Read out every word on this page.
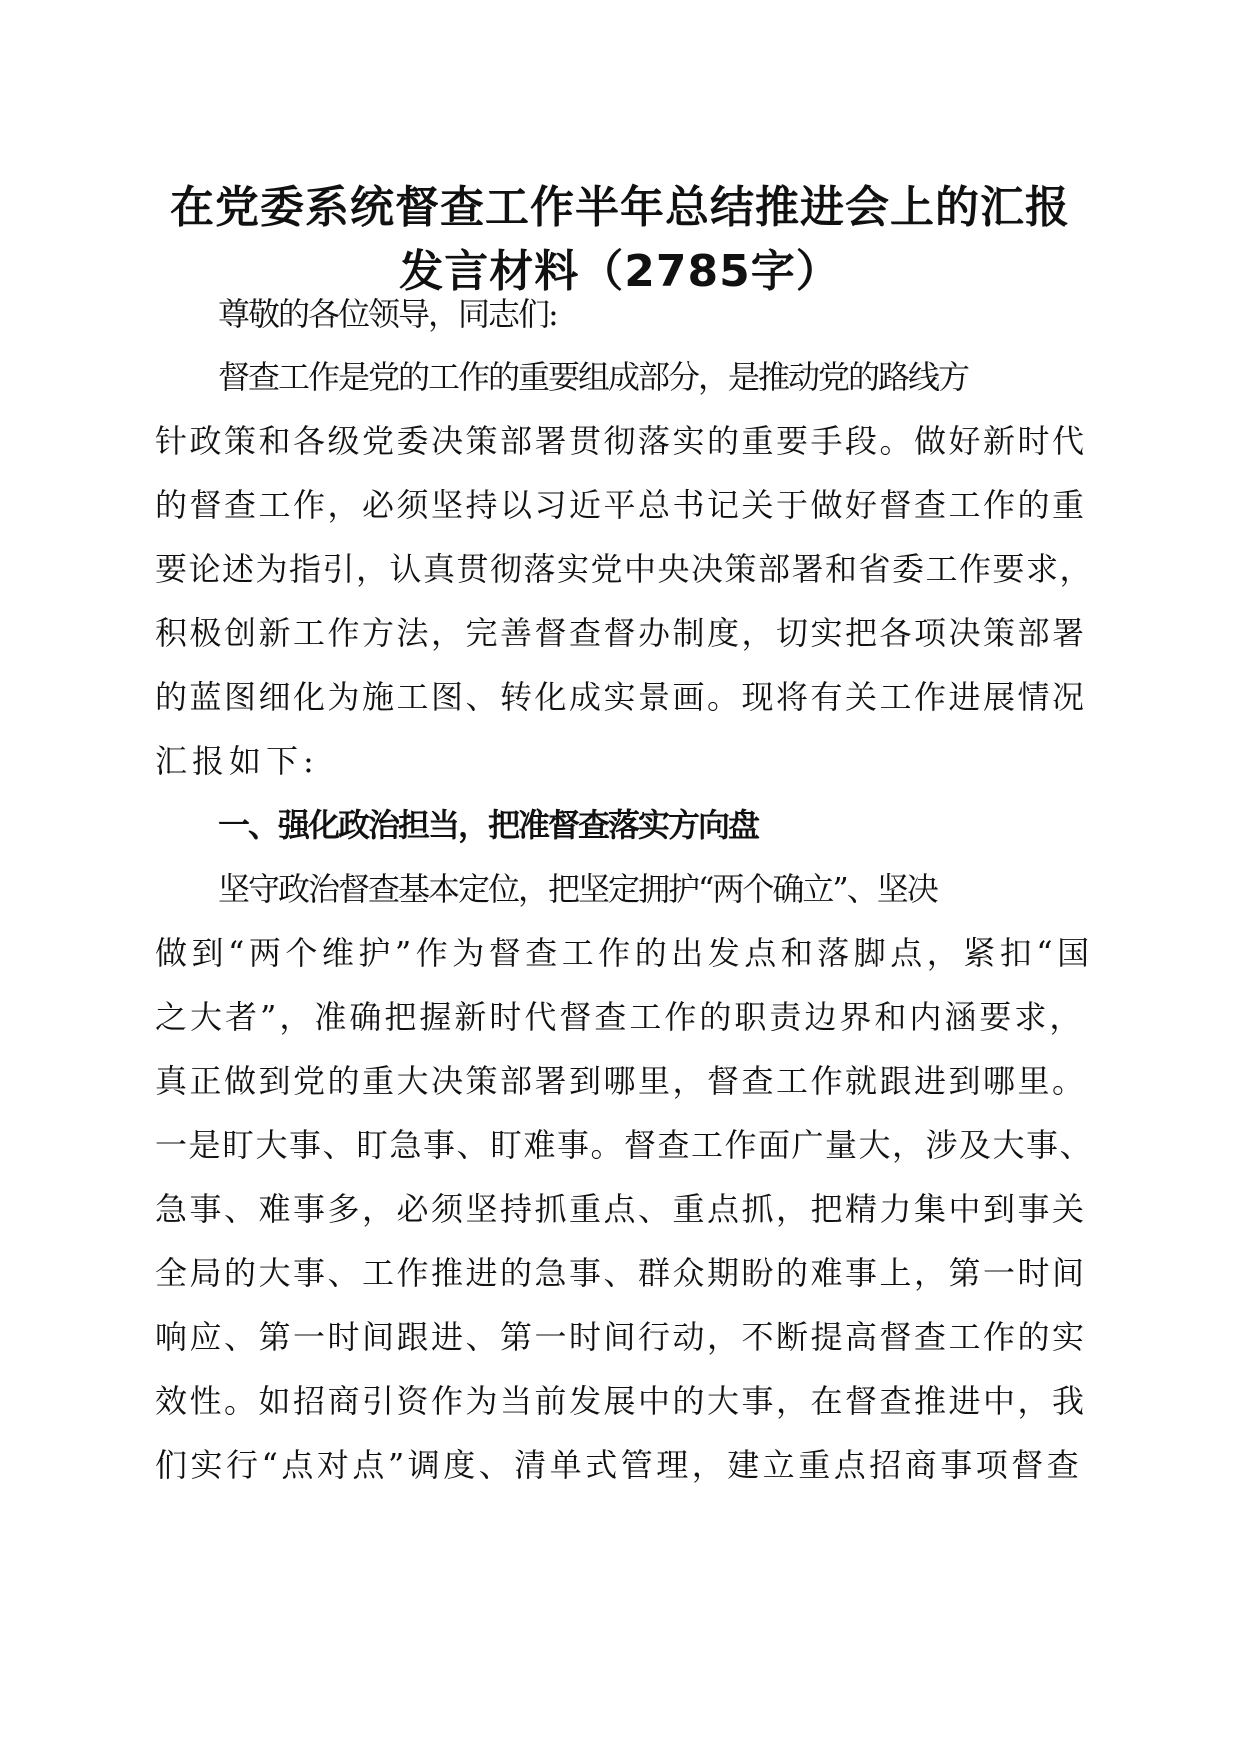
在党委系统督查工作半年总结推进会上的汇报
发言材料（2785字）
尊敬的各位领导，同志们:
督查工作是党的工作的重要组成部分，是推动党的路线方
针政策和各级党委决策部署贯彻落实的重要手段。做好新时代
的督查工作，必须坚持以习近平总书记关于做好督查工作的重
要论述为指引，认真贯彻落实党中央决策部署和省委工作要求，
积极创新工作方法，完善督查督办制度，切实把各项决策部署
的蓝图细化为施工图、转化成实景画。现将有关工作进展情况
汇报如下:
一、强化政治担当，把准督查落实方向盘
坚守政治督查基本定位，把坚定拥护“两个确立”、坚决
做到“两个维护”作为督查工作的出发点和落脚点，紧扣“国
之大者”，准确把握新时代督查工作的职责边界和内涵要求，
真正做到党的重大决策部署到哪里，督查工作就跟进到哪里。
一是盯大事、盯急事、盯难事。督查工作面广量大，涉及大事、
急事、难事多，必须坚持抓重点、重点抓，把精力集中到事关
全局的大事、工作推进的急事、群众期盼的难事上，第一时间
响应、第一时间跟进、第一时间行动，不断提高督查工作的实
效性。如招商引资作为当前发展中的大事，在督查推进中，我
们实行“点对点”调度、清单式管理，建立重点招商事项督查
